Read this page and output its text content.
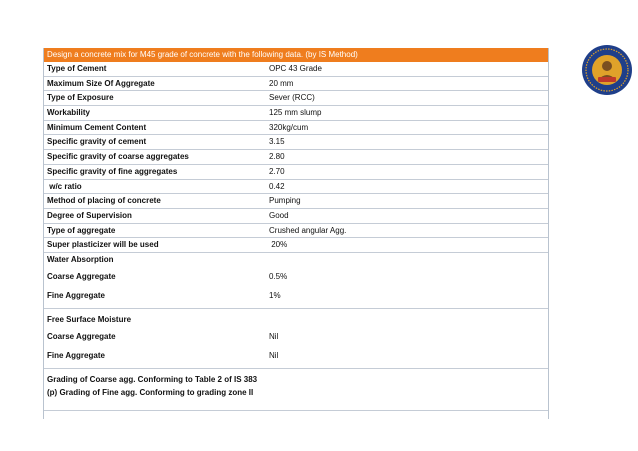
Design a concrete mix for M45 grade of concrete with the following data. (by IS Method)
Type of Cement	OPC 43 Grade
Maximum Size Of Aggregate	20 mm
Type of Exposure	Sever (RCC)
Workability	125 mm slump
Minimum Cement Content	320kg/cum
Specific gravity of cement	3.15
Specific gravity of coarse aggregates	2.80
Specific gravity of fine aggregates	2.70
w/c ratio	0.42
Method of placing of concrete	Pumping
Degree of Supervision	Good
Type of aggregate	Crushed angular Agg.
Super plasticizer will be used	20%
Water Absorption
Coarse Aggregate	0.5%
Fine Aggregate	1%
Free Surface Moisture
Coarse Aggregate	Nil
Fine Aggregate	Nil
Grading of Coarse agg. Conforming to Table 2 of IS 383
(p) Grading of Fine agg. Conforming to grading zone II
